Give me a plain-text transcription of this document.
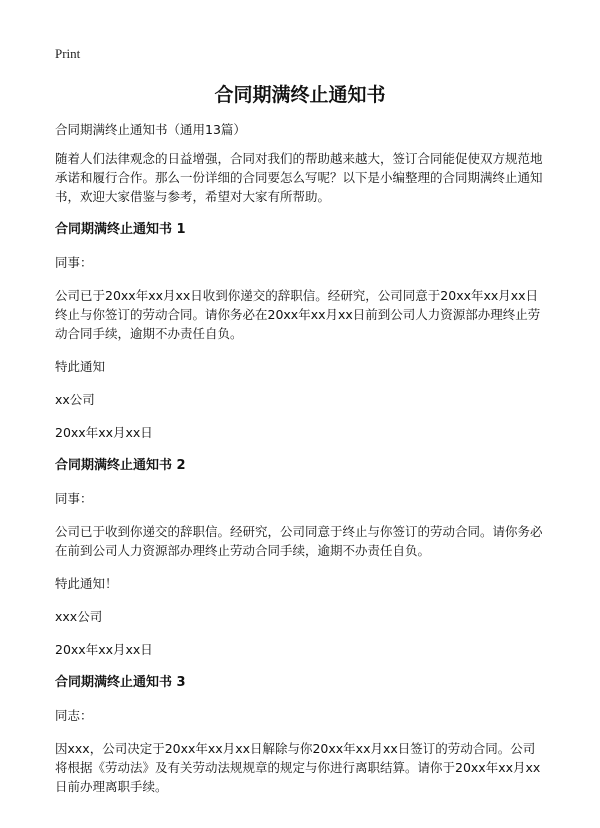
Print
合同期满终止通知书

合同期满终止通知书（通用13篇）

随着人们法律观念的日益增强，合同对我们的帮助越来越大，签订合同能促使双方规范地承诺和履行合作。那么一份详细的合同要怎么写呢？以下是小编整理的合同期满终止通知书，欢迎大家借鉴与参考，希望对大家有所帮助。

合同期满终止通知书 1

同事：

公司已于20xx年xx月xx日收到你递交的辞职信。经研究，公司同意于20xx年xx月xx日终止与你签订的劳动合同。请你务必在20xx年xx月xx日前到公司人力资源部办理终止劳动合同手续，逾期不办责任自负。

特此通知

xx公司

20xx年xx月xx日

合同期满终止通知书 2

同事：

公司已于收到你递交的辞职信。经研究，公司同意于终止与你签订的劳动合同。请你务必在前到公司人力资源部办理终止劳动合同手续，逾期不办责任自负。

特此通知！

xxx公司

20xx年xx月xx日

合同期满终止通知书 3

同志：

因xxx，公司决定于20xx年xx月xx日解除与你20xx年xx月xx日签订的劳动合同。公司将根据《劳动法》及有关劳动法规规章的规定与你进行离职结算。请你于20xx年xx月xx日前办理离职手续。
